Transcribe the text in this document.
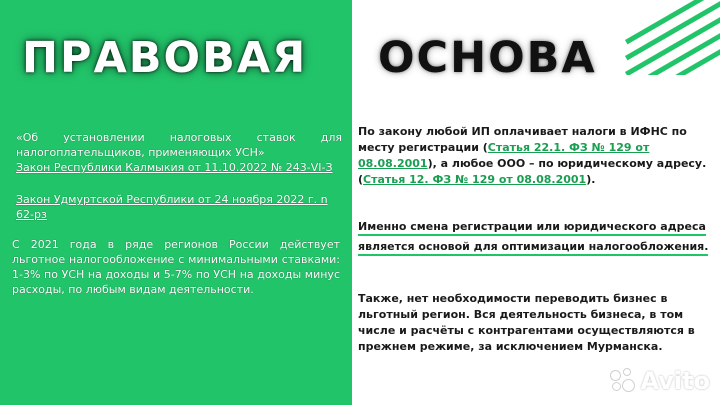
ПРАВОВАЯ ОСНОВА
«Об установлении налоговых ставок для налогоплательщиков, применяющих УСН»
Закон Республики Калмыкия от 11.10.2022 № 243-VI-З
Закон Удмуртской Республики от 24 ноября 2022 г. n 62-рз
С 2021 года в ряде регионов России действует льготное налогообложение с минимальными ставками: 1-3% по УСН на доходы и 5-7% по УСН на доходы минус расходы, по любым видам деятельности.
По закону любой ИП оплачивает налоги в ИФНС по месту регистрации (Статья 22.1. ФЗ № 129 от 08.08.2001), а любое ООО – по юридическому адресу. (Статья 12. ФЗ № 129 от 08.08.2001).
Именно смена регистрации или юридического адреса
является основой для оптимизации налогообложения.
Также, нет необходимости переводить бизнес в льготный регион. Вся деятельность бизнеса, в том числе и расчёты с контрагентами осуществляются в прежнем режиме, за исключением Мурманска.
Avito
